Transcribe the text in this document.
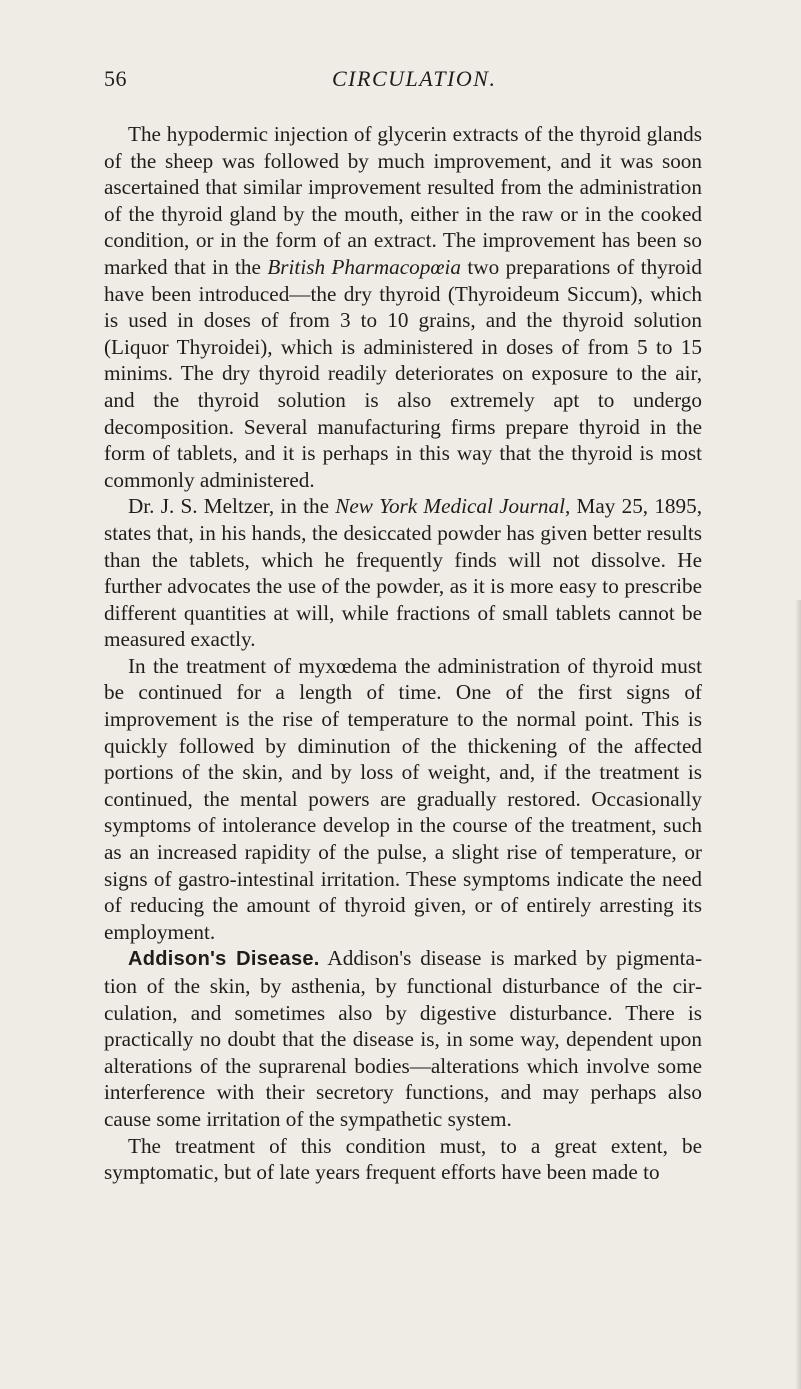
56	CIRCULATION.

The hypodermic injection of glycerin extracts of the thyroid glands of the sheep was followed by much improvement, and it was soon ascertained that similar improvement resulted from the administration of the thyroid gland by the mouth, either in the raw or in the cooked condition, or in the form of an extract. The improvement has been so marked that in the British Pharmacopœia two preparations of thyroid have been introduced—the dry thyroid (Thyroideum Siccum), which is used in doses of from 3 to 10 grains, and the thyroid solution (Liquor Thyroidei), which is administered in doses of from 5 to 15 minims. The dry thyroid readily deteriorates on exposure to the air, and the thyroid solution is also extremely apt to undergo decomposition. Several manufacturing firms prepare thyroid in the form of tablets, and it is perhaps in this way that the thyroid is most commonly administered.

Dr. J. S. Meltzer, in the New York Medical Journal, May 25, 1895, states that, in his hands, the desiccated powder has given better results than the tablets, which he frequently finds will not dissolve. He further advocates the use of the powder, as it is more easy to prescribe different quantities at will, while fractions of small tablets cannot be measured exactly.

In the treatment of myxœdema the administration of thyroid must be continued for a length of time. One of the first signs of improvement is the rise of temperature to the normal point. This is quickly followed by diminution of the thickening of the affected portions of the skin, and by loss of weight, and, if the treatment is continued, the mental powers are gradually restored. Occasionally symptoms of intolerance develop in the course of the treatment, such as an increased rapidity of the pulse, a slight rise of temperature, or signs of gastro-intestinal irritation. These symptoms indicate the need of reducing the amount of thyroid given, or of entirely arresting its employment.

Addison's Disease. Addison's disease is marked by pigmentation of the skin, by asthenia, by functional disturbance of the circulation, and sometimes also by digestive disturbance. There is practically no doubt that the disease is, in some way, dependent upon alterations of the suprarenal bodies—alterations which involve some interference with their secretory functions, and may perhaps also cause some irritation of the sympathetic system.

The treatment of this condition must, to a great extent, be symptomatic, but of late years frequent efforts have been made to
